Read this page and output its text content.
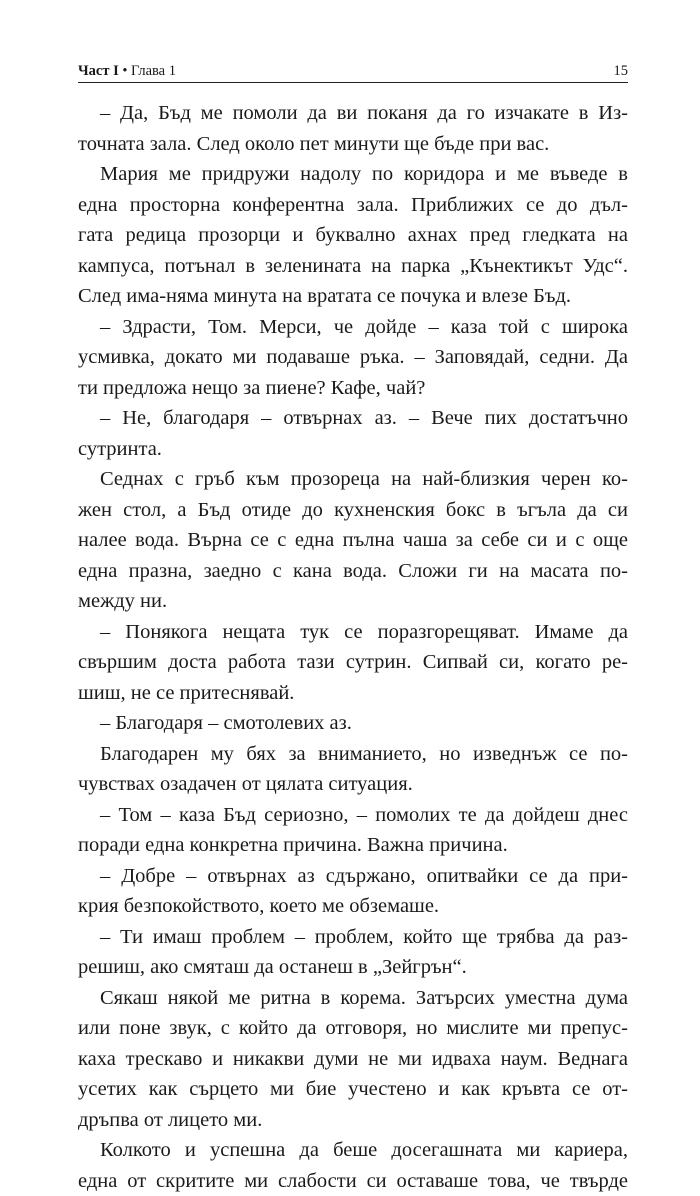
Част I • Глава 1	15
– Да, Бъд ме помоли да ви поканя да го изчакате в Из-
точната зала. След около пет минути ще бъде при вас.
Мария ме придружи надолу по коридора и ме въведе в
една просторна конферентна зала. Приближих се до дъл-
гата редица прозорци и буквално ахнах пред гледката на
кампуса, потънал в зеленината на парка „Кънектикът Удс“.
След има-няма минута на вратата се почука и влезе Бъд.
– Здрасти, Том. Мерси, че дойде – каза той с широка
усмивка, докато ми подаваше ръка. – Заповядай, седни. Да
ти предложа нещо за пиене? Кафе, чай?
– Не, благодаря – отвърнах аз. – Вече пих достатъчно
сутринта.
Седнах с гръб към прозореца на най-близкия черен ко-
жен стол, а Бъд отиде до кухненския бокс в ъгъла да си
налее вода. Върна се с една пълна чаша за себе си и с още
една празна, заедно с кана вода. Сложи ги на масата по-
между ни.
– Понякога нещата тук се поразгорещяват. Имаме да
свършим доста работа тази сутрин. Сипвай си, когато ре-
шиш, не се притеснявай.
– Благодаря – смотолевих аз.
Благодарен му бях за вниманието, но изведнъж се по-
чувствах озадачен от цялата ситуация.
– Том – каза Бъд сериозно, – помолих те да дойдеш днес
поради една конкретна причина. Важна причина.
– Добре – отвърнах аз сдържано, опитвайки се да при-
крия безпокойството, което ме обземаше.
– Ти имаш проблем – проблем, който ще трябва да раз-
решиш, ако смяташ да останеш в „Зейгрън“.
Сякаш някой ме ритна в корема. Затърсих уместна дума
или поне звук, с който да отговоря, но мислите ми препус-
каха трескаво и никакви думи не ми идваха наум. Веднага
усетих как сърцето ми бие учестено и как кръвта се от-
дръпва от лицето ми.
Колкото и успешна да беше досегашната ми кариера,
една от скритите ми слабости си оставаше това, че твърде
